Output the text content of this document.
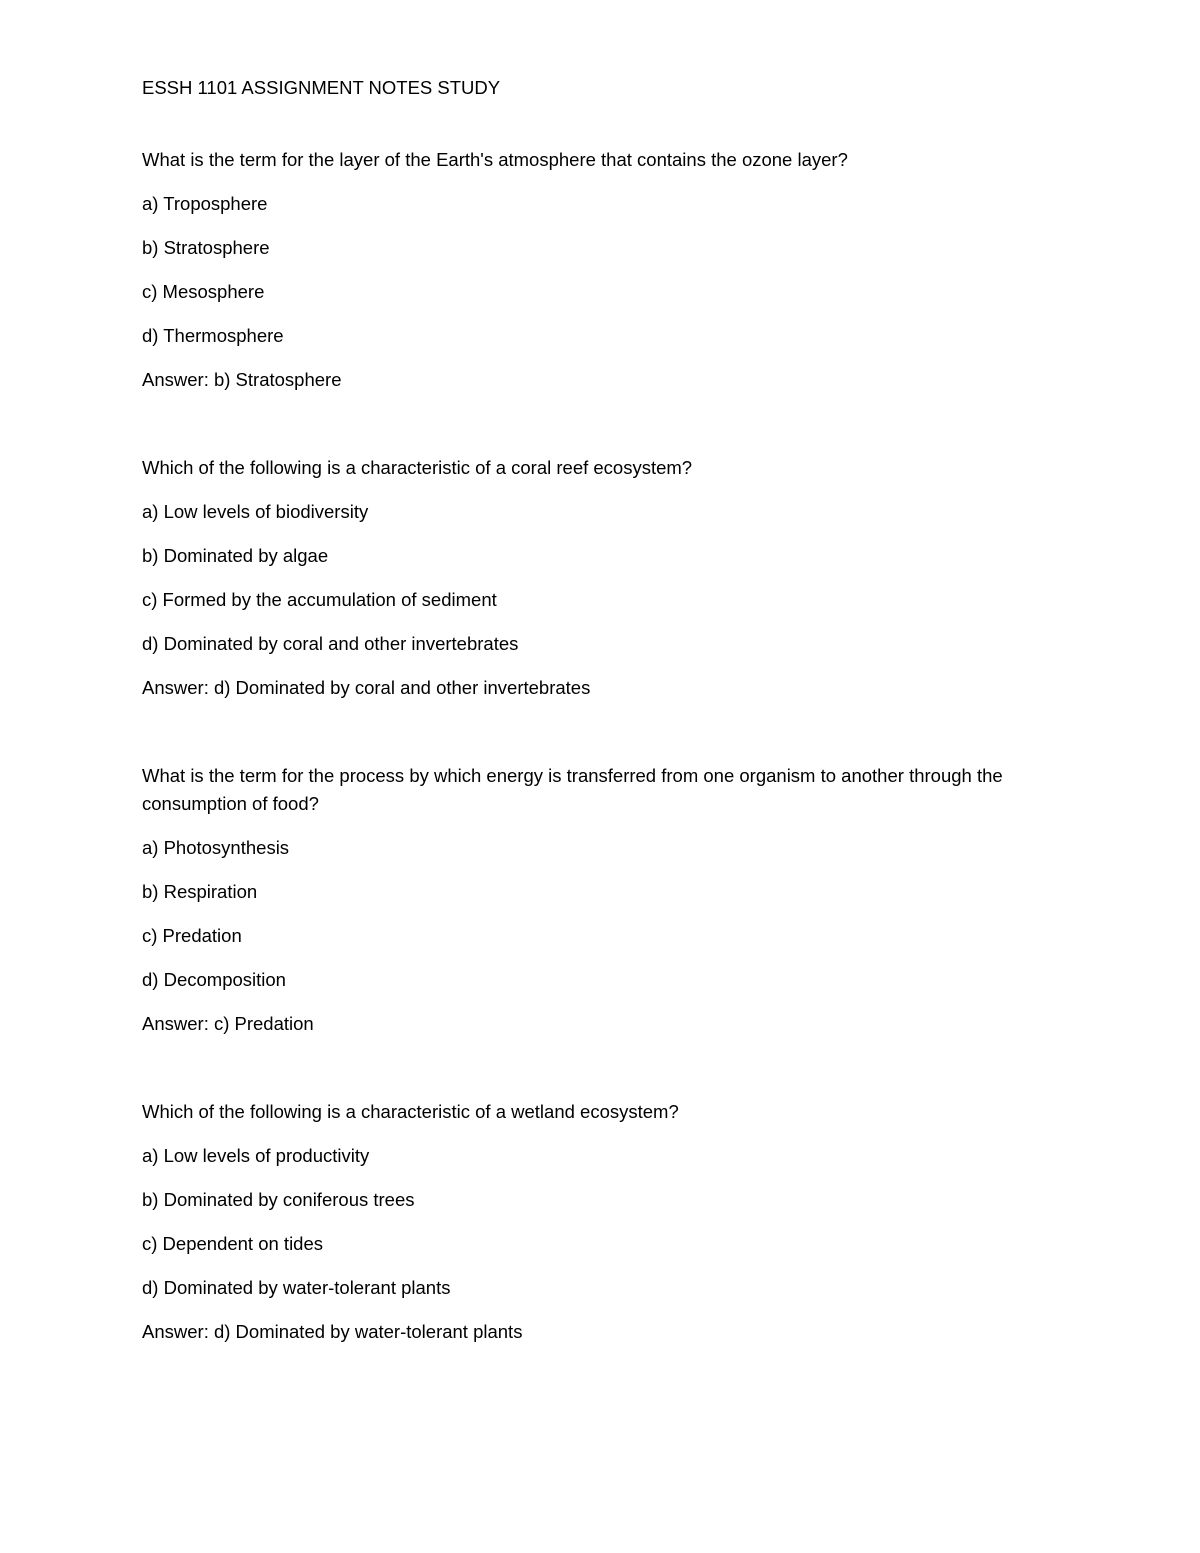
ESSH 1101 ASSIGNMENT NOTES STUDY

What is the term for the layer of the Earth's atmosphere that contains the ozone layer?

a) Troposphere

b) Stratosphere

c) Mesosphere

d) Thermosphere

Answer: b) Stratosphere

Which of the following is a characteristic of a coral reef ecosystem?

a) Low levels of biodiversity

b) Dominated by algae

c) Formed by the accumulation of sediment

d) Dominated by coral and other invertebrates

Answer: d) Dominated by coral and other invertebrates

What is the term for the process by which energy is transferred from one organism to another through the consumption of food?

a) Photosynthesis

b) Respiration

c) Predation

d) Decomposition

Answer: c) Predation

Which of the following is a characteristic of a wetland ecosystem?

a) Low levels of productivity

b) Dominated by coniferous trees

c) Dependent on tides

d) Dominated by water-tolerant plants

Answer: d) Dominated by water-tolerant plants
